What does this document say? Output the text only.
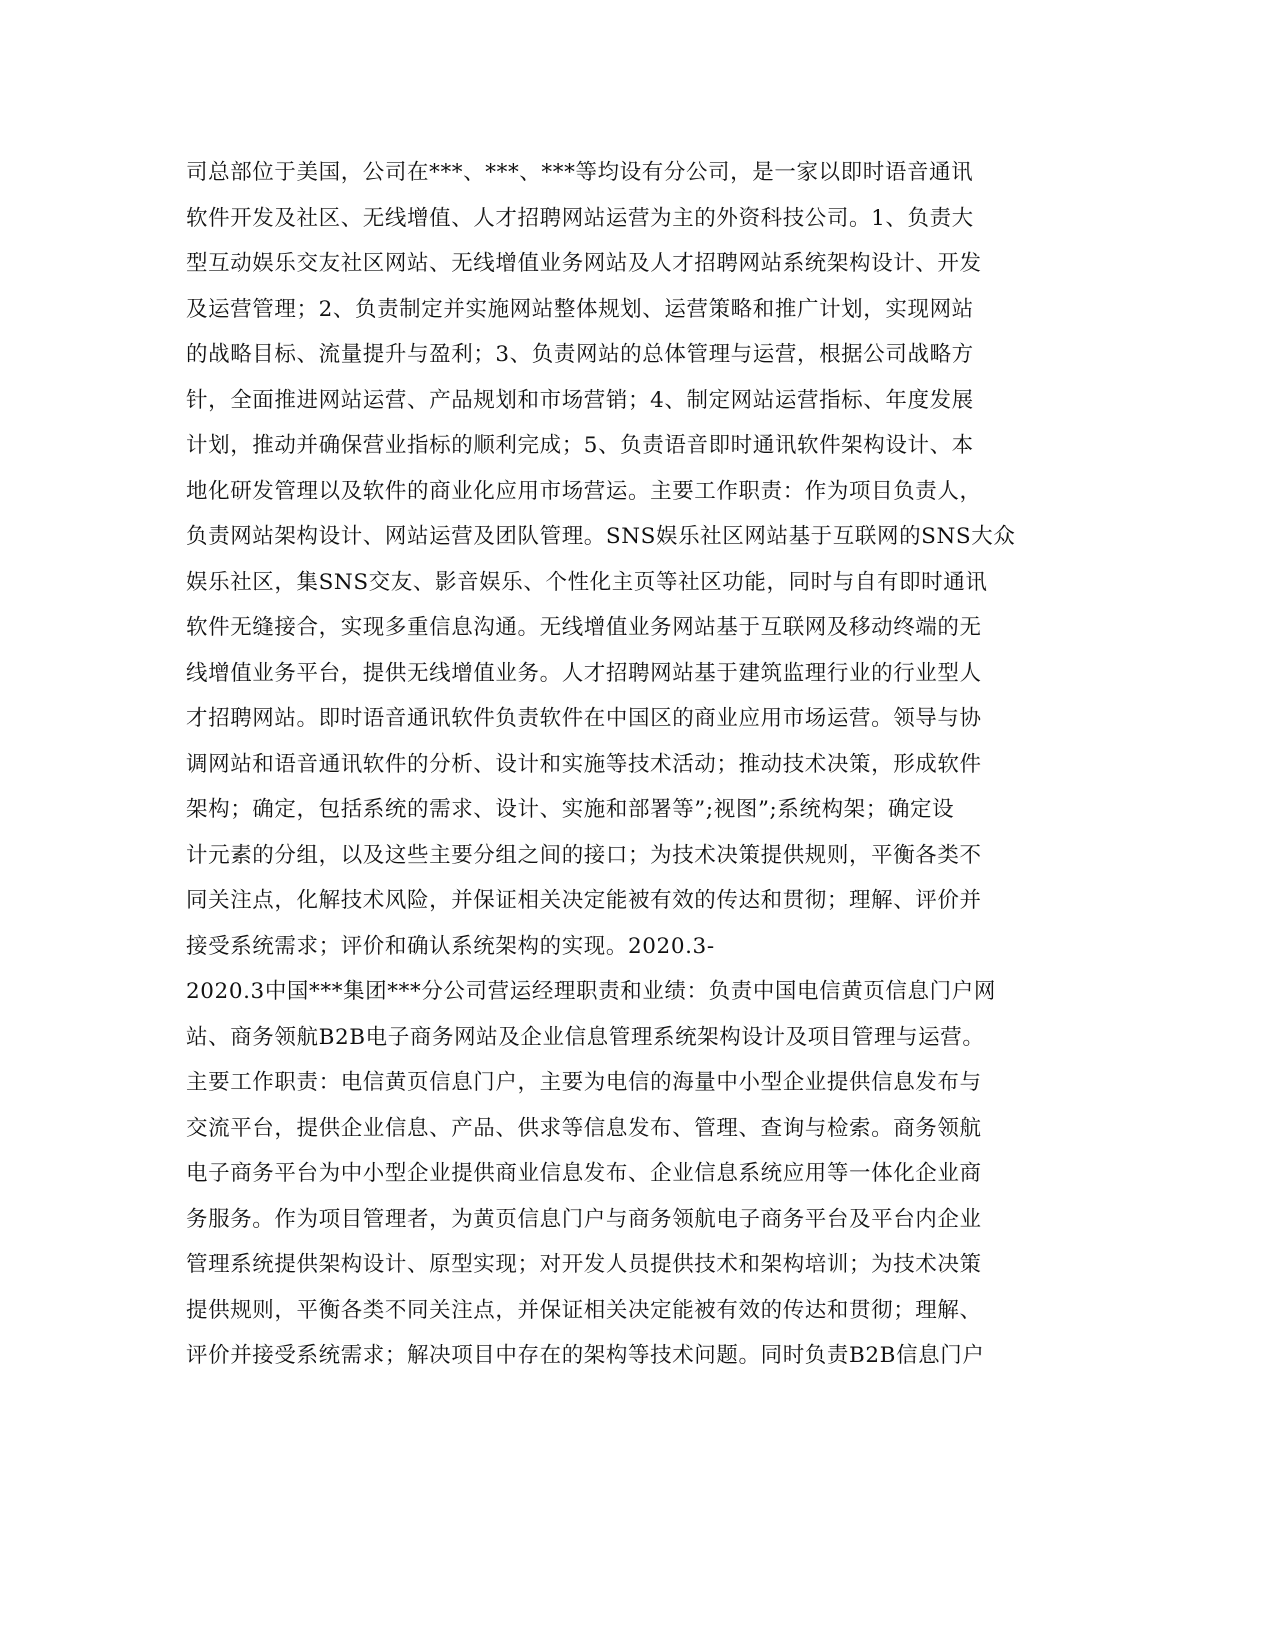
司总部位于美国，公司在***、***、***等均设有分公司，是一家以即时语音通讯
软件开发及社区、无线增值、人才招聘网站运营为主的外资科技公司。1、负责大
型互动娱乐交友社区网站、无线增值业务网站及人才招聘网站系统架构设计、开发
及运营管理；2、负责制定并实施网站整体规划、运营策略和推广计划，实现网站
的战略目标、流量提升与盈利；3、负责网站的总体管理与运营，根据公司战略方
针，全面推进网站运营、产品规划和市场营销；4、制定网站运营指标、年度发展
计划，推动并确保营业指标的顺利完成；5、负责语音即时通讯软件架构设计、本
地化研发管理以及软件的商业化应用市场营运。主要工作职责：作为项目负责人，
负责网站架构设计、网站运营及团队管理。SNS娱乐社区网站基于互联网的SNS大众
娱乐社区，集SNS交友、影音娱乐、个性化主页等社区功能，同时与自有即时通讯
软件无缝接合，实现多重信息沟通。无线增值业务网站基于互联网及移动终端的无
线增值业务平台，提供无线增值业务。人才招聘网站基于建筑监理行业的行业型人
才招聘网站。即时语音通讯软件负责软件在中国区的商业应用市场运营。领导与协
调网站和语音通讯软件的分析、设计和实施等技术活动；推动技术决策，形成软件
架构；确定，包括系统的需求、设计、实施和部署等”;视图”;系统构架；确定设
计元素的分组，以及这些主要分组之间的接口；为技术决策提供规则，平衡各类不
同关注点，化解技术风险，并保证相关决定能被有效的传达和贯彻；理解、评价并
接受系统需求；评价和确认系统架构的实现。2020.3-
2020.3中国***集团***分公司营运经理职责和业绩：负责中国电信黄页信息门户网
站、商务领航B2B电子商务网站及企业信息管理系统架构设计及项目管理与运营。
主要工作职责：电信黄页信息门户，主要为电信的海量中小型企业提供信息发布与
交流平台，提供企业信息、产品、供求等信息发布、管理、查询与检索。商务领航
电子商务平台为中小型企业提供商业信息发布、企业信息系统应用等一体化企业商
务服务。作为项目管理者，为黄页信息门户与商务领航电子商务平台及平台内企业
管理系统提供架构设计、原型实现；对开发人员提供技术和架构培训；为技术决策
提供规则，平衡各类不同关注点，并保证相关决定能被有效的传达和贯彻；理解、
评价并接受系统需求；解决项目中存在的架构等技术问题。同时负责B2B信息门户
